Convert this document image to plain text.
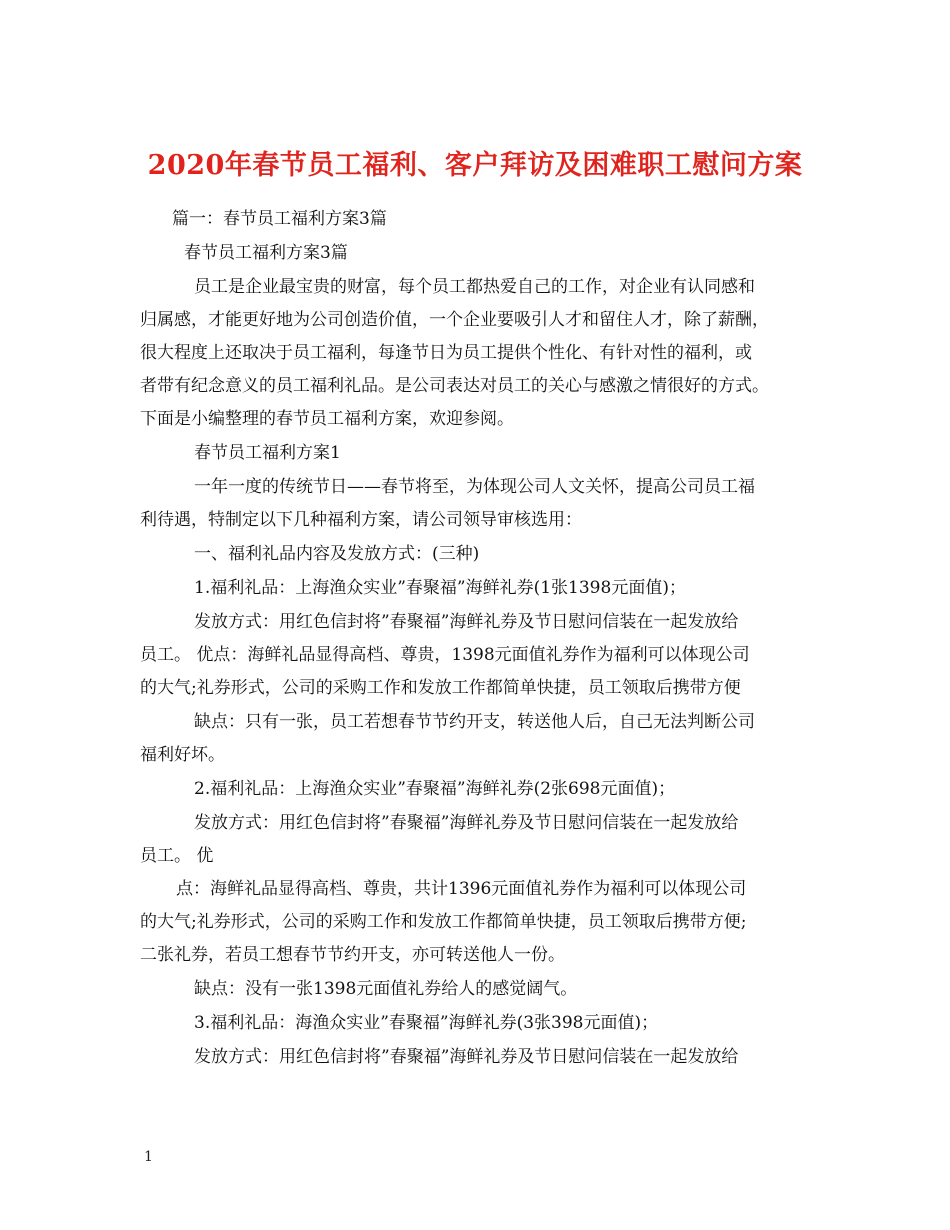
2020年春节员工福利、客户拜访及困难职工慰问方案
篇一：春节员工福利方案3篇
春节员工福利方案3篇
员工是企业最宝贵的财富，每个员工都热爱自己的工作，对企业有认同感和
归属感，才能更好地为公司创造价值，一个企业要吸引人才和留住人才，除了薪酬，
很大程度上还取决于员工福利，每逢节日为员工提供个性化、有针对性的福利，或
者带有纪念意义的员工福利礼品。是公司表达对员工的关心与感激之情很好的方式。
下面是小编整理的春节员工福利方案，欢迎参阅。
春节员工福利方案1
一年一度的传统节日——春节将至，为体现公司人文关怀，提高公司员工福
利待遇，特制定以下几种福利方案，请公司领导审核选用：
一、福利礼品内容及发放方式：(三种)
1.福利礼品：上海渔众实业”春聚福”海鲜礼券(1张1398元面值)；
发放方式：用红色信封将”春聚福”海鲜礼券及节日慰问信装在一起发放给
员工。 优点：海鲜礼品显得高档、尊贵，1398元面值礼券作为福利可以体现公司
的大气;礼券形式，公司的采购工作和发放工作都简单快捷，员工领取后携带方便
缺点：只有一张，员工若想春节节约开支，转送他人后，自己无法判断公司
福利好坏。
2.福利礼品：上海渔众实业”春聚福”海鲜礼券(2张698元面值)；
发放方式：用红色信封将”春聚福”海鲜礼券及节日慰问信装在一起发放给
员工。 优
点：海鲜礼品显得高档、尊贵，共计1396元面值礼券作为福利可以体现公司
的大气;礼券形式，公司的采购工作和发放工作都简单快捷，员工领取后携带方便;
二张礼券，若员工想春节节约开支，亦可转送他人一份。
缺点：没有一张1398元面值礼券给人的感觉阔气。
3.福利礼品：海渔众实业”春聚福”海鲜礼券(3张398元面值)；
发放方式：用红色信封将”春聚福”海鲜礼券及节日慰问信装在一起发放给
1
